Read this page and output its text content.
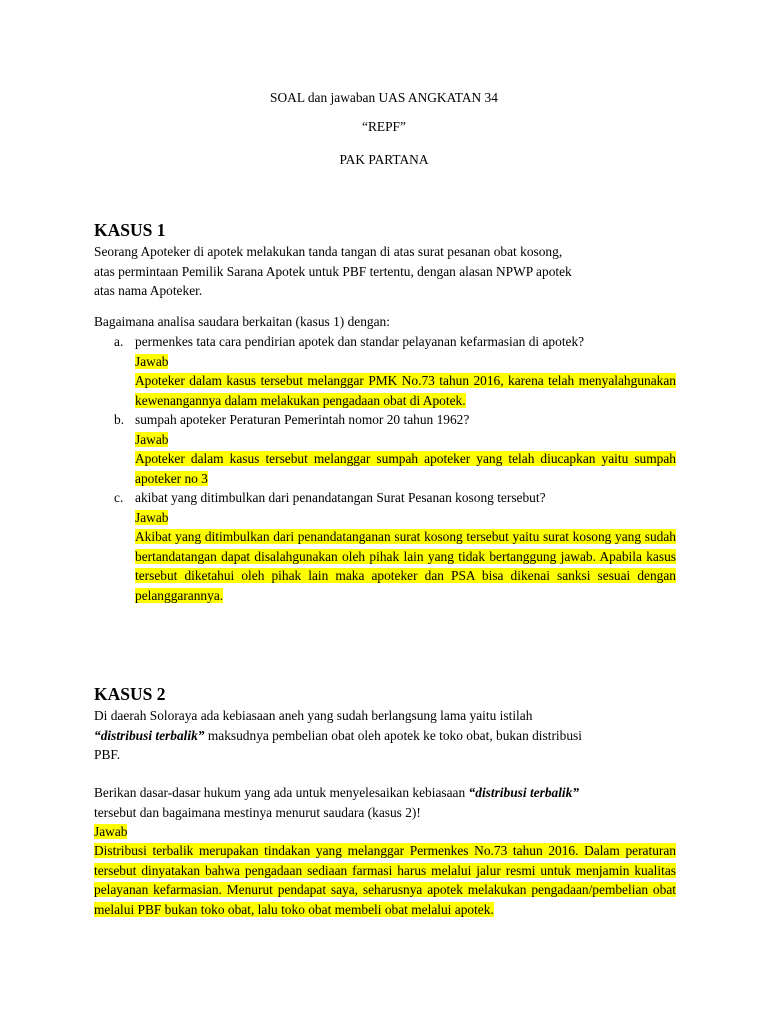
SOAL dan jawaban UAS ANGKATAN 34
“REPF”
PAK PARTANA
KASUS 1

Seorang Apoteker di apotek melakukan tanda tangan di atas surat pesanan obat kosong,

atas permintaan Pemilik Sarana Apotek untuk PBF tertentu, dengan alasan NPWP apotek

atas nama Apoteker.

Bagaimana analisa saudara berkaitan (kasus 1) dengan:
a. permenkes tata cara pendirian apotek dan standar pelayanan kefarmasian di apotek?
Jawab
Apoteker dalam kasus tersebut melanggar PMK No.73 tahun 2016, karena telah menyalahgunakan kewenangannya dalam melakukan pengadaan obat di Apotek.
b. sumpah apoteker Peraturan Pemerintah nomor 20 tahun 1962?
Jawab
Apoteker dalam kasus tersebut melanggar sumpah apoteker yang telah diucapkan yaitu sumpah apoteker no 3
c. akibat yang ditimbulkan dari penandatangan Surat Pesanan kosong tersebut?
Jawab
Akibat yang ditimbulkan dari penandatanganan surat kosong tersebut yaitu surat kosong yang sudah bertandatangan dapat disalahgunakan oleh pihak lain yang tidak bertanggung jawab. Apabila kasus tersebut diketahui oleh pihak lain maka apoteker dan PSA bisa dikenai sanksi sesuai dengan pelanggarannya.
KASUS 2

Di daerah Soloraya ada kebiasaan aneh yang sudah berlangsung lama yaitu istilah

“distribusi terbalik” maksudnya pembelian obat oleh apotek ke toko obat, bukan distribusi

PBF.

Berikan dasar-dasar hukum yang ada untuk menyelesaikan kebiasaan “distribusi terbalik”

tersebut dan bagaimana mestinya menurut saudara (kasus 2)!

Jawab
Distribusi terbalik merupakan tindakan yang melanggar Permenkes No.73 tahun 2016. Dalam peraturan tersebut dinyatakan bahwa pengadaan sediaan farmasi harus melalui jalur resmi untuk menjamin kualitas pelayanan kefarmasian. Menurut pendapat saya, seharusnya apotek melakukan pengadaan/pembelian obat melalui PBF bukan toko obat, lalu toko obat membeli obat melalui apotek.
